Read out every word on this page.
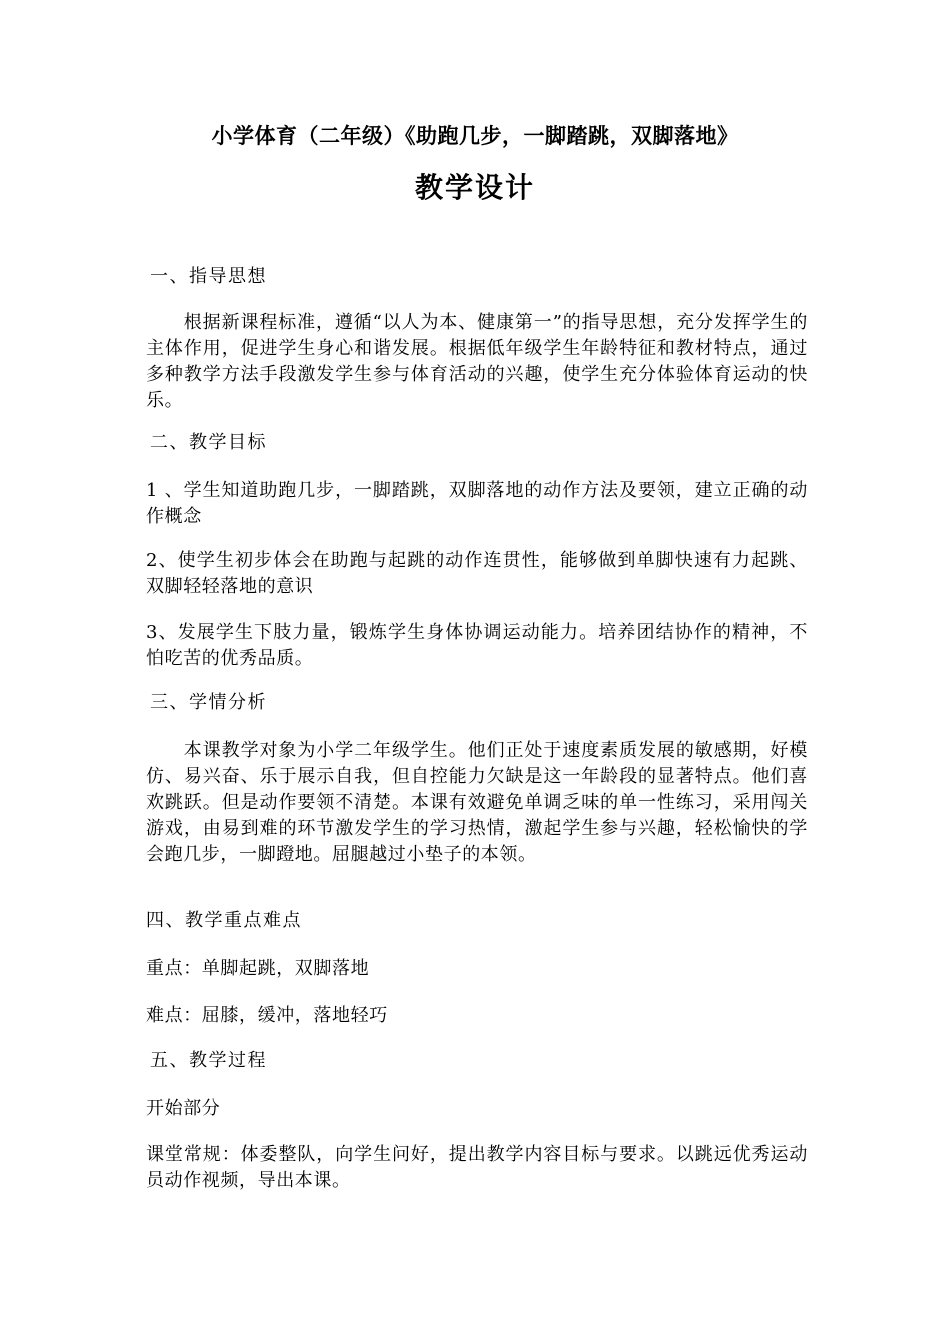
小学体育（二年级）《助跑几步，一脚踏跳，双脚落地》
教学设计
一、指导思想
根据新课程标准，遵循“以人为本、健康第一”的指导思想，充分发挥学生的主体作用，促进学生身心和谐发展。根据低年级学生年龄特征和教材特点，通过多种教学方法手段激发学生参与体育活动的兴趣，使学生充分体验体育运动的快乐。
二、教学目标
1 、学生知道助跑几步，一脚踏跳，双脚落地的动作方法及要领，建立正确的动作概念
2、使学生初步体会在助跑与起跳的动作连贯性，能够做到单脚快速有力起跳、双脚轻轻落地的意识
3、发展学生下肢力量，锻炼学生身体协调运动能力。培养团结协作的精神，不怕吃苦的优秀品质。
三、学情分析
本课教学对象为小学二年级学生。他们正处于速度素质发展的敏感期，好模仿、易兴奋、乐于展示自我，但自控能力欠缺是这一年龄段的显著特点。他们喜欢跳跃。但是动作要领不清楚。本课有效避免单调乏味的单一性练习，采用闯关游戏，由易到难的环节激发学生的学习热情，激起学生参与兴趣，轻松愉快的学会跑几步，一脚蹬地。屈腿越过小垫子的本领。
四、教学重点难点
重点：单脚起跳，双脚落地
难点：屈膝，缓冲，落地轻巧
五、教学过程
开始部分
课堂常规：体委整队，向学生问好，提出教学内容目标与要求。以跳远优秀运动员动作视频，导出本课。
